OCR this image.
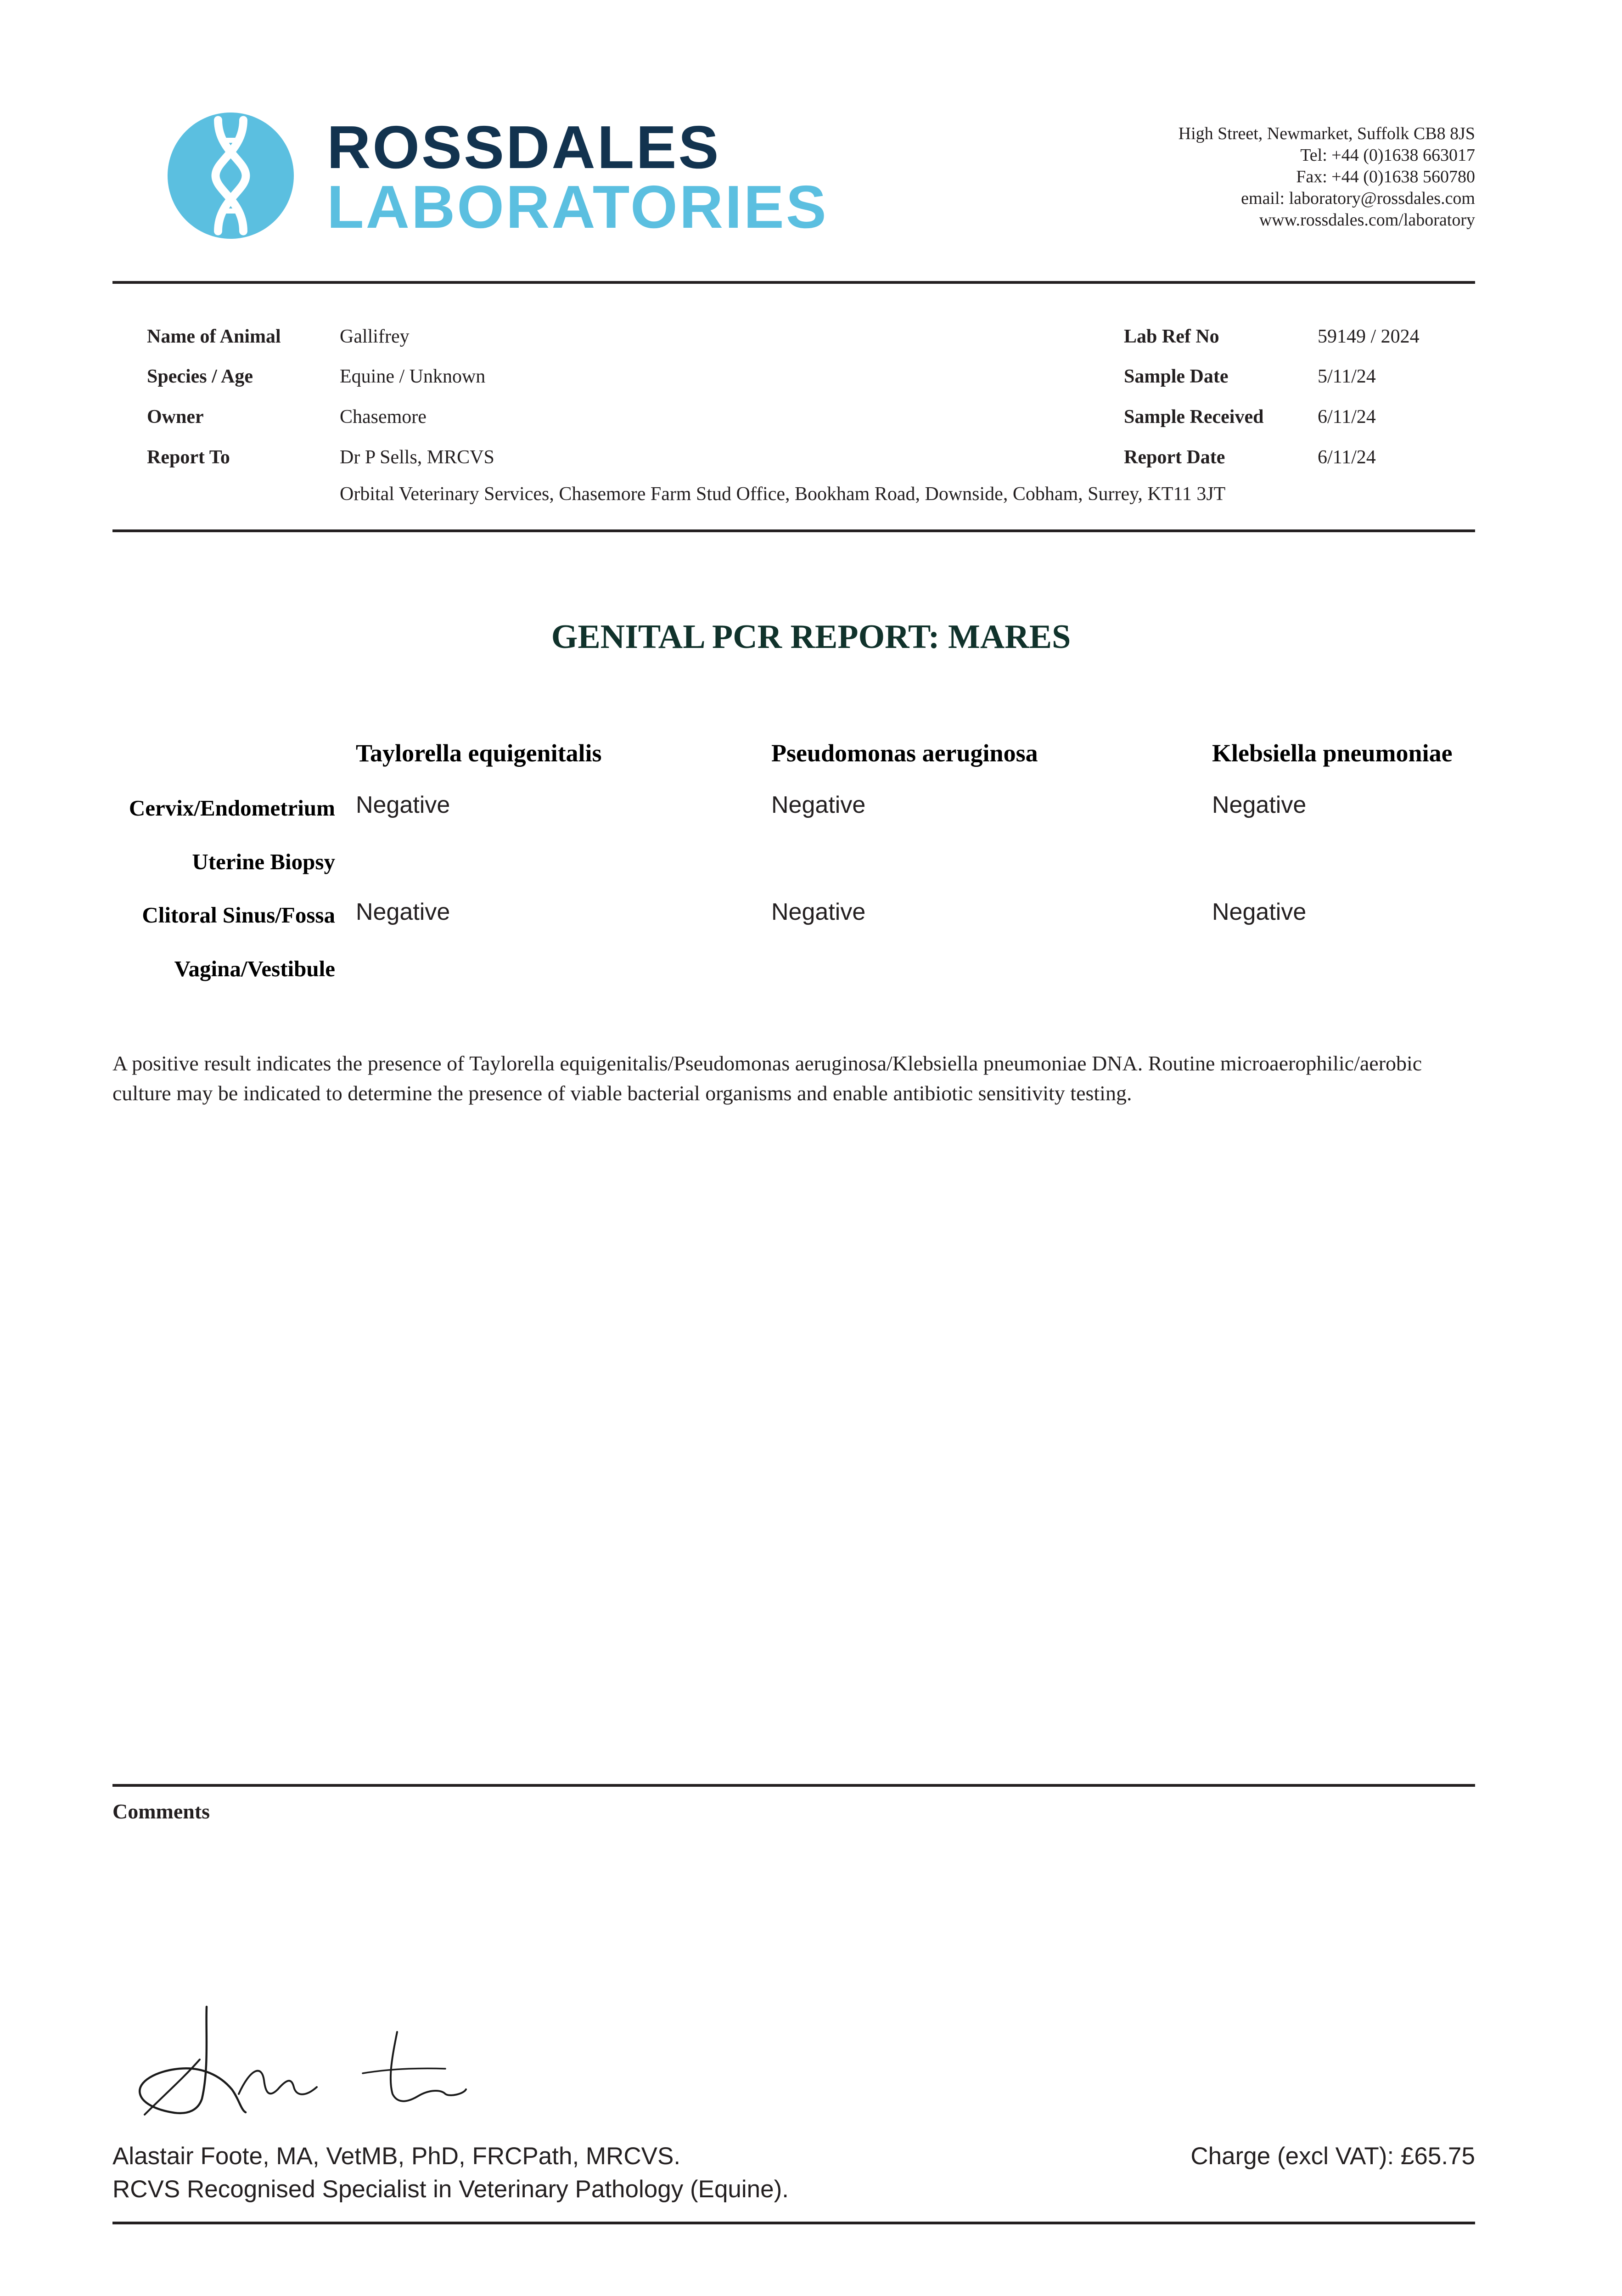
ROSSDALES
LABORATORIES
High Street, Newmarket, Suffolk CB8 8JS
Tel: +44 (0)1638 663017
Fax: +44 (0)1638 560780
email: laboratory@rossdales.com
www.rossdales.com/laboratory
Name of Animal	Gallifrey
Species / Age	Equine / Unknown
Owner	Chasemore
Report To	Dr P Sells, MRCVS
Orbital Veterinary Services, Chasemore Farm Stud Office, Bookham Road, Downside, Cobham, Surrey, KT11 3JT
Lab Ref No	59149 / 2024
Sample Date	5/11/24
Sample Received	6/11/24
Report Date	6/11/24
GENITAL PCR REPORT: MARES
Taylorella equigenitalis	Pseudomonas aeruginosa	Klebsiella pneumoniae
Cervix/Endometrium Negative	Negative	Negative
Uterine Biopsy
Clitoral Sinus/Fossa Negative	Negative	Negative
Vagina/Vestibule
A positive result indicates the presence of Taylorella equigenitalis/Pseudomonas aeruginosa/Klebsiella pneumoniae DNA. Routine microaerophilic/aerobic culture may be indicated to determine the presence of viable bacterial organisms and enable antibiotic sensitivity testing.
Comments
Alastair Foote, MA, VetMB, PhD, FRCPath, MRCVS.
RCVS Recognised Specialist in Veterinary Pathology (Equine).
Charge (excl VAT): £65.75
